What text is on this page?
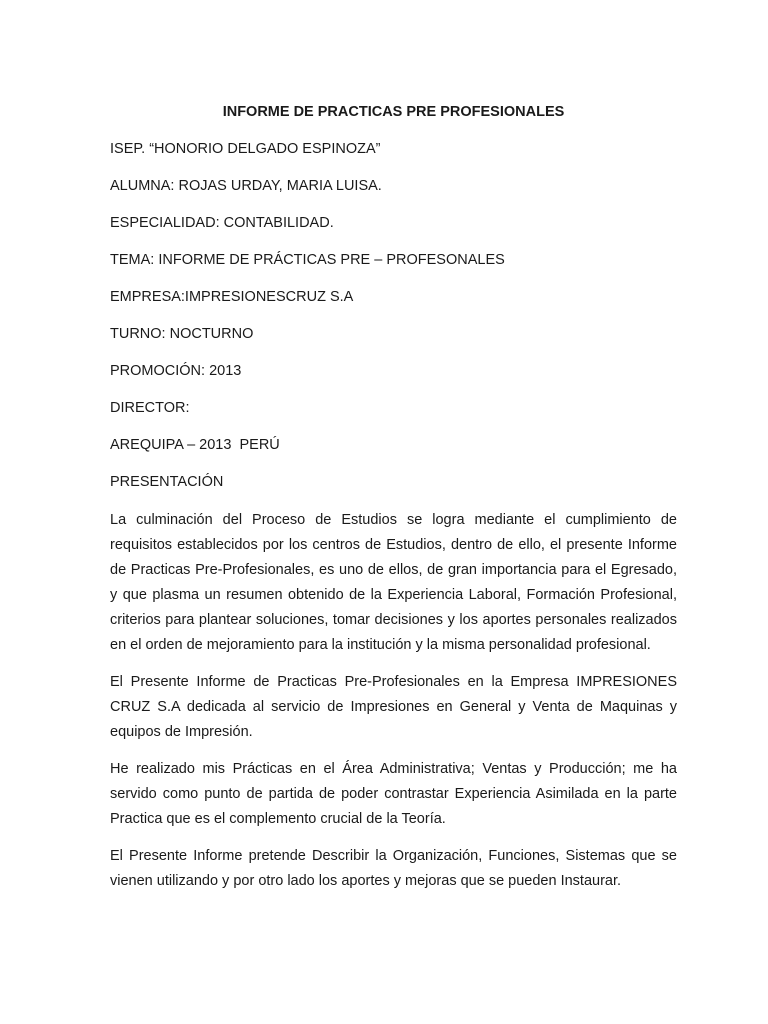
INFORME DE PRACTICAS PRE PROFESIONALES
ISEP. “HONORIO DELGADO ESPINOZA”
ALUMNA: ROJAS URDAY, MARIA LUISA.
ESPECIALIDAD: CONTABILIDAD.
TEMA: INFORME DE PRÁCTICAS PRE – PROFESONALES
EMPRESA:IMPRESIONESCRUZ S.A
TURNO: NOCTURNO
PROMOCIÓN: 2013
DIRECTOR:
AREQUIPA – 2013  PERÚ
PRESENTACIÓN

La culminación del Proceso de Estudios se logra mediante el cumplimiento de requisitos establecidos por los centros de Estudios, dentro de ello, el presente Informe de Practicas Pre-Profesionales, es uno de ellos, de gran importancia para el Egresado, y que plasma un resumen obtenido de la Experiencia Laboral, Formación Profesional, criterios para plantear soluciones, tomar decisiones y los aportes personales realizados en el orden de mejoramiento para la institución y la misma personalidad profesional.

El Presente Informe de Practicas Pre-Profesionales en la Empresa IMPRESIONES CRUZ S.A dedicada al servicio de Impresiones en General y Venta de Maquinas y equipos de Impresión.

He realizado mis Prácticas en el Área Administrativa; Ventas y Producción; me ha servido como punto de partida de poder contrastar Experiencia Asimilada en la parte Practica que es el complemento crucial de la Teoría.

El Presente Informe pretende Describir la Organización, Funciones, Sistemas que se vienen utilizando y por otro lado los aportes y mejoras que se pueden Instaurar.
